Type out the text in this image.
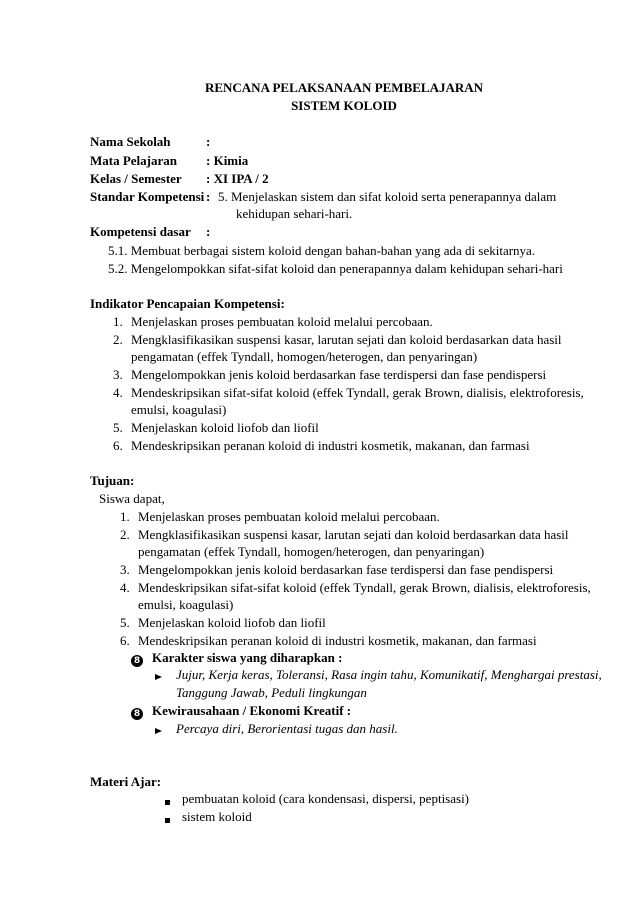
RENCANA PELAKSANAAN PEMBELAJARAN
SISTEM KOLOID
Nama Sekolah	:
Mata Pelajaran : Kimia
Kelas / Semester : XI IPA / 2
Standar Kompetensi : 5. Menjelaskan sistem dan sifat koloid serta penerapannya dalam
kehidupan sehari-hari.
Kompetensi dasar :
5.1. Membuat berbagai sistem koloid dengan bahan-bahan yang ada di sekitarnya.
5.2. Mengelompokkan sifat-sifat koloid dan penerapannya dalam kehidupan sehari-hari
Indikator Pencapaian Kompetensi:
1. Menjelaskan proses pembuatan koloid melalui percobaan.
2. Mengklasifikasikan suspensi kasar, larutan sejati dan koloid berdasarkan data hasil
pengamatan (effek Tyndall, homogen/heterogen, dan penyaringan)
3. Mengelompokkan jenis koloid berdasarkan fase terdispersi dan fase pendispersi
4. Mendeskripsikan sifat-sifat koloid (effek Tyndall, gerak Brown, dialisis, elektroforesis,
emulsi, koagulasi)
5. Menjelaskan koloid liofob dan liofil
6. Mendeskripsikan peranan koloid di industri kosmetik, makanan, dan farmasi
Tujuan:
Siswa dapat,
1. Menjelaskan proses pembuatan koloid melalui percobaan.
2. Mengklasifikasikan suspensi kasar, larutan sejati dan koloid berdasarkan data hasil
pengamatan (effek Tyndall, homogen/heterogen, dan penyaringan)
3. Mengelompokkan jenis koloid berdasarkan fase terdispersi dan fase pendispersi
4. Mendeskripsikan sifat-sifat koloid (effek Tyndall, gerak Brown, dialisis, elektroforesis,
emulsi, koagulasi)
5. Menjelaskan koloid liofob dan liofil
6. Mendeskripsikan peranan koloid di industri kosmetik, makanan, dan farmasi
8 Karakter siswa yang diharapkan :
Jujur, Kerja keras, Toleransi, Rasa ingin tahu, Komunikatif, Menghargai prestasi,
Tanggung Jawab, Peduli lingkungan
8 Kewirausahaan / Ekonomi Kreatif :
Percaya diri, Berorientasi tugas dan hasil.
Materi Ajar:
pembuatan koloid (cara kondensasi, dispersi, peptisasi)
sistem koloid
